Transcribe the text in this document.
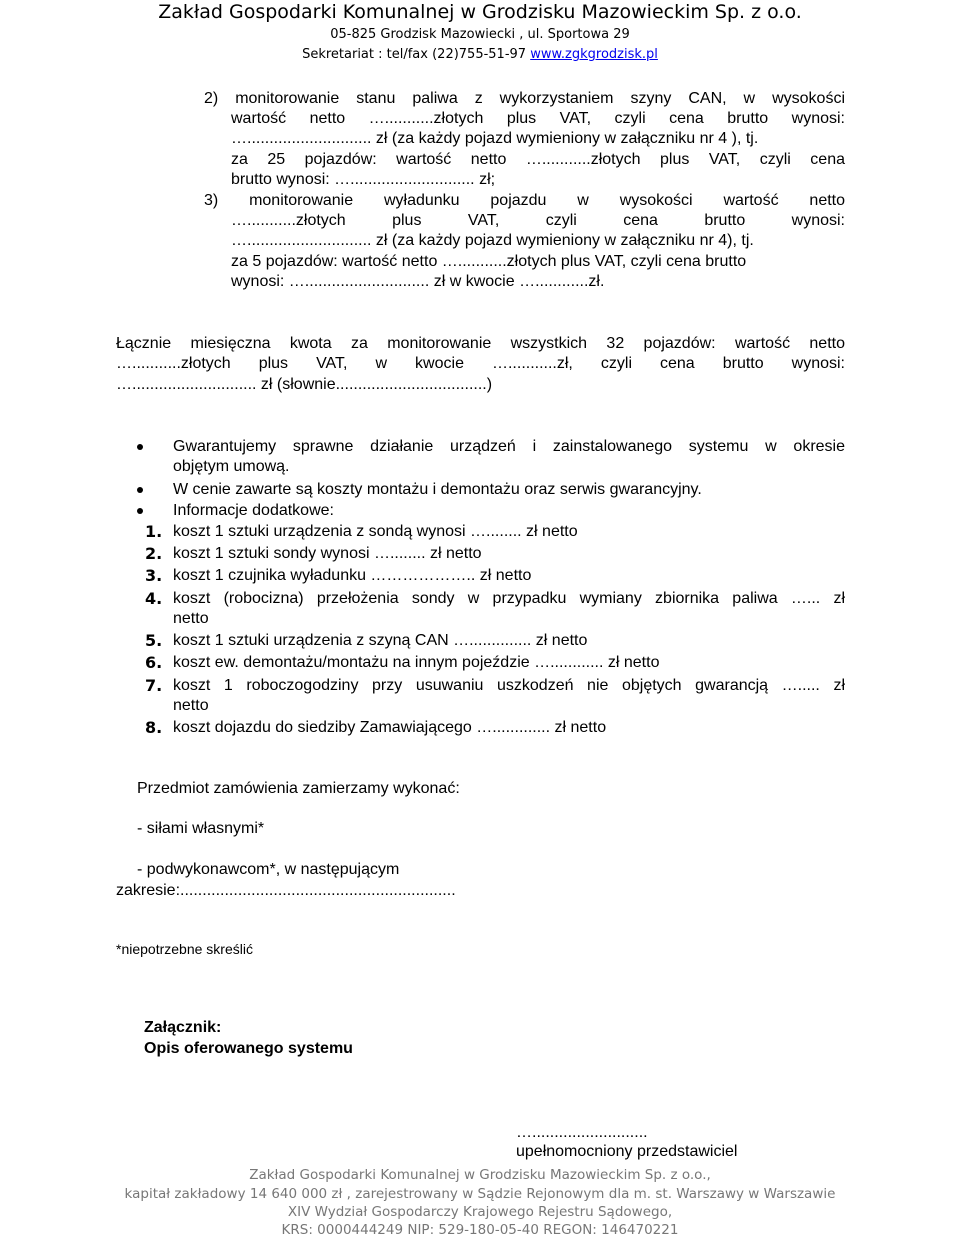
Zakład Gospodarki Komunalnej w Grodzisku Mazowieckim Sp. z o.o.
05-825 Grodzisk Mazowiecki , ul. Sportowa 29
Sekretariat : tel/fax (22)755-51-97 www.zgkgrodzisk.pl
2) monitorowanie stanu paliwa z wykorzystaniem szyny CAN, w wysokości
wartość netto …...........złotych plus VAT, czyli cena brutto wynosi:
…............................ zł (za każdy pojazd wymieniony w załączniku nr 4 ), tj.
za 25 pojazdów: wartość netto …...........złotych plus VAT, czyli cena
brutto wynosi: …............................ zł;
3) monitorowanie wyładunku pojazdu w wysokości wartość netto
…...........złotych plus VAT, czyli cena brutto wynosi:
…............................ zł (za każdy pojazd wymieniony w załączniku nr 4), tj.
za 5 pojazdów: wartość netto …...........złotych plus VAT, czyli cena brutto
wynosi: …............................ zł w kwocie …............zł.
Łącznie miesięczna kwota za monitorowanie wszystkich 32 pojazdów: wartość netto
…...........złotych plus VAT, w kwocie …...........zł, czyli cena brutto wynosi:
…............................ zł (słownie..................................)
Gwarantujemy sprawne działanie urządzeń i zainstalowanego systemu w okresie
objętym umową.
W cenie zawarte są koszty montażu i demontażu oraz serwis gwarancyjny.
Informacje dodatkowe:
1. koszt 1 sztuki urządzenia z sondą wynosi …........ zł netto
2. koszt 1 sztuki sondy wynosi …........ zł netto
3. koszt 1 czujnika wyładunku ……………….. zł netto
4. koszt (robocizna) przełożenia sondy w przypadku wymiany zbiornika paliwa …... zł
netto
5. koszt 1 sztuki urządzenia z szyną CAN ….............. zł netto
6. koszt ew. demontażu/montażu na innym pojeździe …............ zł netto
7. koszt 1 roboczogodziny przy usuwaniu uszkodzeń nie objętych gwarancją …..... zł
netto
8. koszt dojazdu do siedziby Zamawiającego …............. zł netto
Przedmiot zamówienia zamierzamy wykonać:
- siłami własnymi*
- podwykonawcom*, w następującym
zakresie:..............................................................
*niepotrzebne skreślić
Załącznik:
Opis oferowanego systemu
…..........................
upełnomocniony przedstawiciel
Zakład Gospodarki Komunalnej w Grodzisku Mazowieckim Sp. z o.o.,
kapitał zakładowy 14 640 000 zł , zarejestrowany w Sądzie Rejonowym dla m. st. Warszawy w Warszawie
XIV Wydział Gospodarczy Krajowego Rejestru Sądowego,
KRS: 0000444249 NIP: 529-180-05-40 REGON: 146470221
